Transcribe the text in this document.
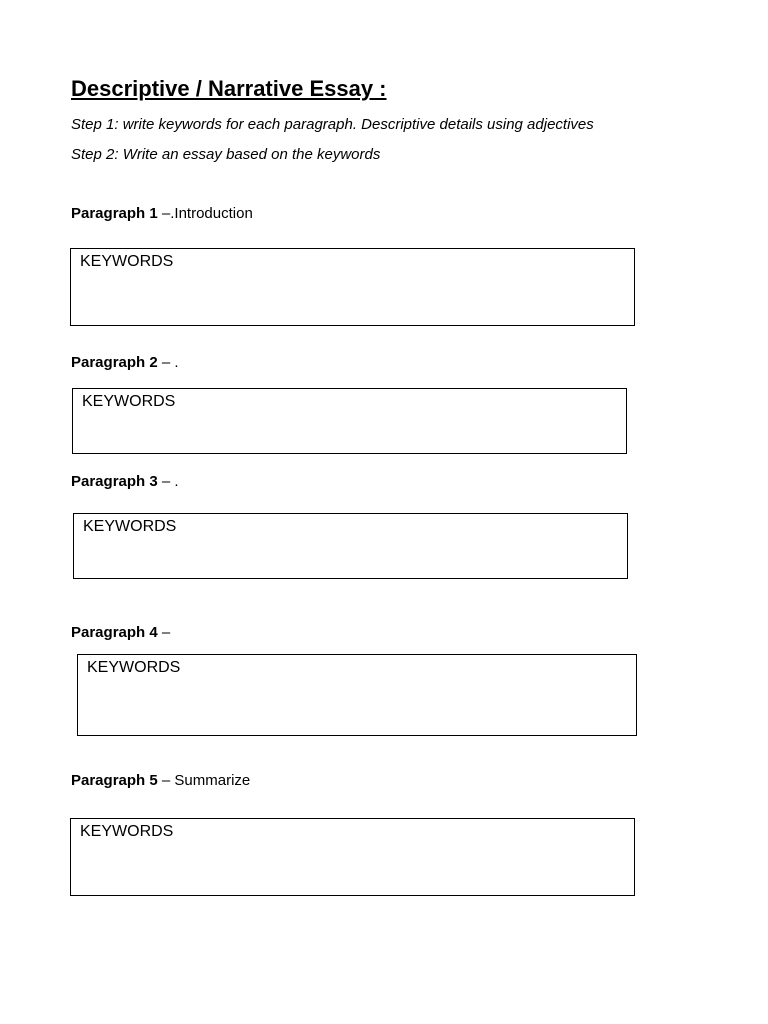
Descriptive / Narrative Essay :
Step 1: write keywords for each paragraph. Descriptive details using adjectives
Step 2: Write an essay based on the keywords
Paragraph 1 –.Introduction
KEYWORDS
Paragraph 2 – .
KEYWORDS
Paragraph 3 – .
KEYWORDS
Paragraph 4 –
KEYWORDS
Paragraph 5 – Summarize
KEYWORDS
